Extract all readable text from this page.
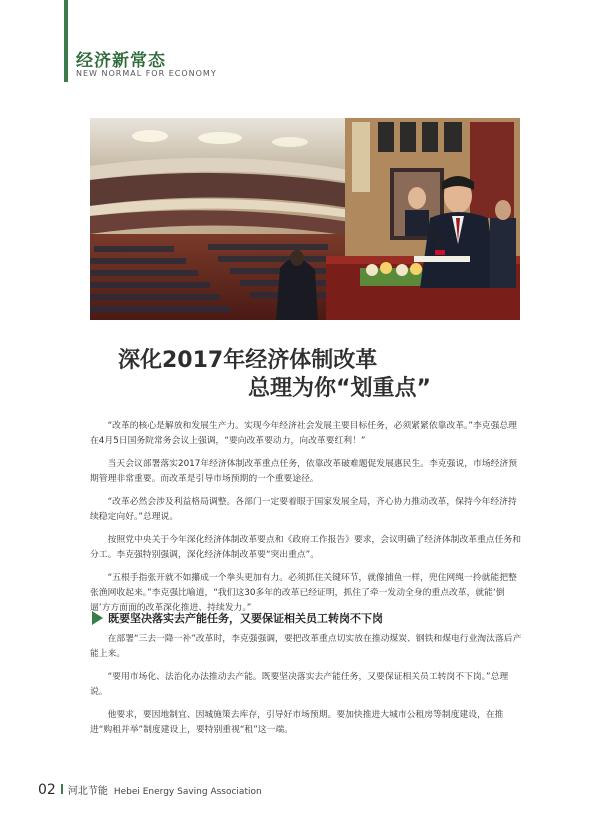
经济新常态
NEW NORMAL FOR ECONOMY
深化2017年经济体制改革
总理为你“划重点”

“改革的核心是解放和发展生产力。实现今年经济社会发展主要目标任务，必须紧紧依靠改革。”李克强总理在4月5日国务院常务会议上强调，“要向改革要动力，向改革要红利！”

当天会议部署落实2017年经济体制改革重点任务，依靠改革破难题促发展惠民生。李克强说，市场经济预期管理非常重要。而改革是引导市场预期的一个重要途径。

“改革必然会涉及利益格局调整。各部门一定要着眼于国家发展全局，齐心协力推动改革，保持今年经济持续稳定向好。”总理说。

按照党中央关于今年深化经济体制改革要点和《政府工作报告》要求，会议明确了经济体制改革重点任务和分工。李克强特别强调，深化经济体制改革要“突出重点”。

“五根手指张开就不如攥成一个拳头更加有力。必须抓住关键环节，就像捕鱼一样，兜住网绳一拎就能把整张渔网收起来。”李克强比喻道，“我们这30多年的改革已经证明，抓住了牵一发动全身的重点改革，就能‘倒逼’方方面面的改革深化推进、持续发力。”

既要坚决落实去产能任务，又要保证相关员工转岗不下岗

在部署“三去一降一补”改革时，李克强强调，要把改革重点切实放在推动煤炭、钢铁和煤电行业淘汰落后产能上来。

“要用市场化、法治化办法推动去产能。既要坚决落实去产能任务，又要保证相关员工转岗不下岗。”总理说。

他要求，要因地制宜、因城施策去库存，引导好市场预期。要加快推进大城市公租房等制度建设，在推进“购租并举”制度建设上，要特别重视“租”这一端。

02 河北节能 Hebei Energy Saving Association
